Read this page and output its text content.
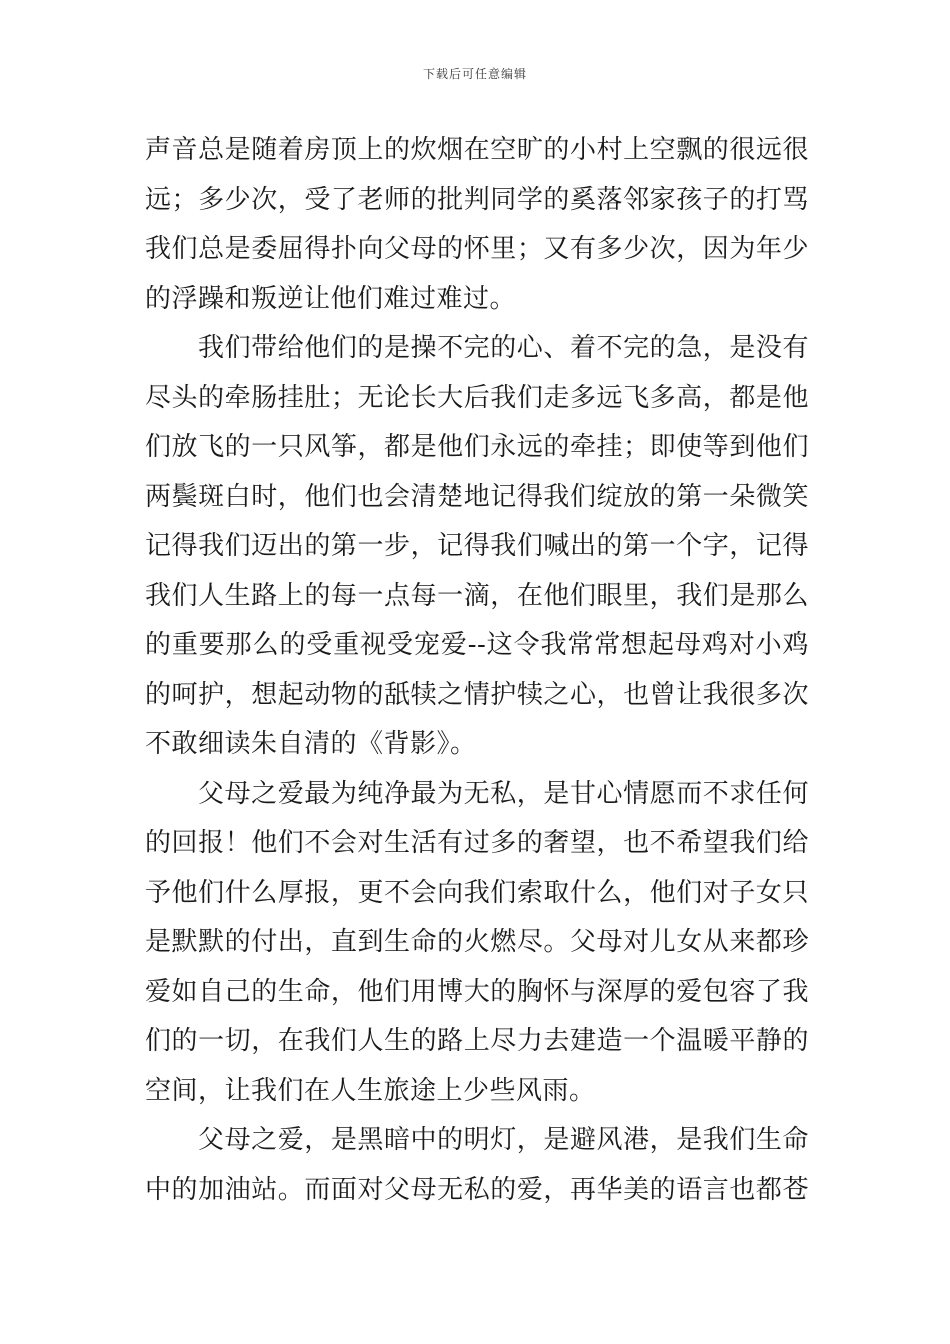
下载后可任意编辑
声音总是随着房顶上的炊烟在空旷的小村上空飘的很远很
远；多少次，受了老师的批判同学的奚落邻家孩子的打骂
我们总是委屈得扑向父母的怀里；又有多少次，因为年少
的浮躁和叛逆让他们难过难过。
我们带给他们的是操不完的心、着不完的急，是没有
尽头的牵肠挂肚；无论长大后我们走多远飞多高，都是他
们放飞的一只风筝，都是他们永远的牵挂；即使等到他们
两鬓斑白时，他们也会清楚地记得我们绽放的第一朵微笑
记得我们迈出的第一步，记得我们喊出的第一个字，记得
我们人生路上的每一点每一滴，在他们眼里，我们是那么
的重要那么的受重视受宠爱--这令我常常想起母鸡对小鸡
的呵护，想起动物的舐犊之情护犊之心，也曾让我很多次
不敢细读朱自清的《背影》。
父母之爱最为纯净最为无私，是甘心情愿而不求任何
的回报！他们不会对生活有过多的奢望，也不希望我们给
予他们什么厚报，更不会向我们索取什么，他们对子女只
是默默的付出，直到生命的火燃尽。父母对儿女从来都珍
爱如自己的生命，他们用博大的胸怀与深厚的爱包容了我
们的一切，在我们人生的路上尽力去建造一个温暖平静的
空间，让我们在人生旅途上少些风雨。
父母之爱，是黑暗中的明灯，是避风港，是我们生命
中的加油站。而面对父母无私的爱，再华美的语言也都苍
